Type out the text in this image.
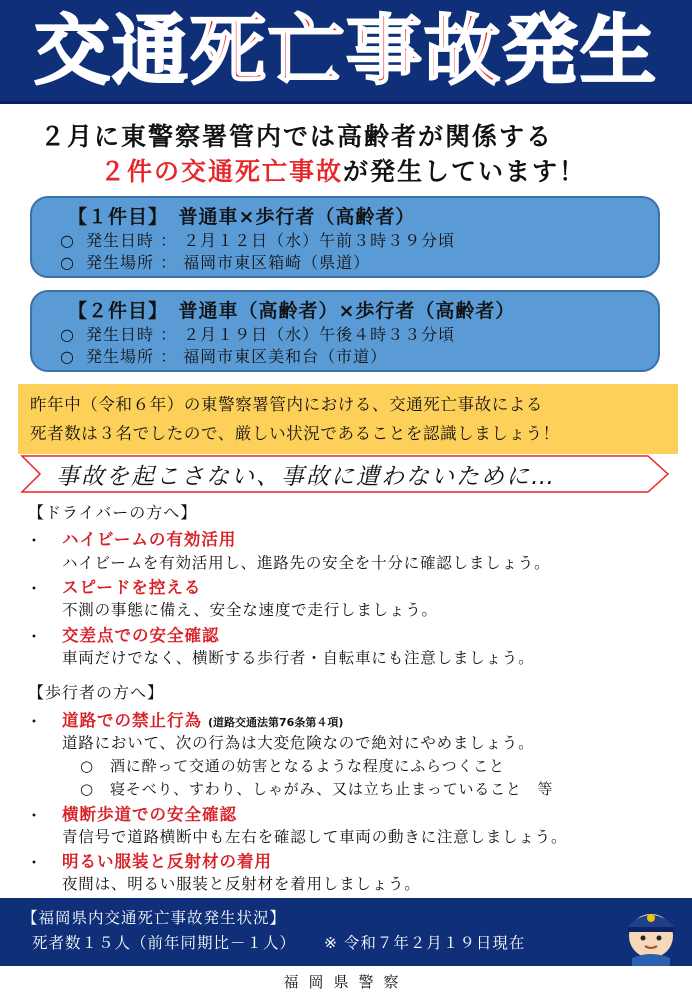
交通 死亡事故 発生
２月に東警察署管内では高齢者が関係する
２件の交通死亡事故が発生しています！
【１件目】　普通車×歩行者（高齢者）
○ 発生日時 ： ２月１２日（水）午前３時３９分頃
○ 発生場所 ： 福岡市東区箱崎（県道）
【２件目】　普通車（高齢者）×歩行者（高齢者）
○ 発生日時 ： ２月１９日（水）午後４時３３分頃
○ 発生場所 ： 福岡市東区美和台（市道）
昨年中（令和６年）の東警察署管内における、交通死亡事故による
死者数は３名でしたので、厳しい状況であることを認識しましょう！
事故を起こさない、事故に遭わないために…
【ドライバーの方へ】
・ ハイビームの有効活用
ハイビームを有効活用し、進路先の安全を十分に確認しましょう。
・ スピードを控える
不測の事態に備え、安全な速度で走行しましょう。
・ 交差点での安全確認
車両だけでなく、横断する歩行者・自転車にも注意しましょう。
【歩行者の方へ】
・ 道路での禁止行為 (道路交通法第76条第４項)
道路において、次の行為は大変危険なので絶対にやめましょう。
○ 酒に酔って交通の妨害となるような程度にふらつくこと
○ 寝そべり、すわり、しゃがみ、又は立ち止まっていること　等
・ 横断歩道での安全確認
青信号で道路横断中も左右を確認して車両の動きに注意しましょう。
・ 明るい服装と反射材の着用
夜間は、明るい服装と反射材を着用しましょう。
【福岡県内交通死亡事故発生状況】
死者数１５人（前年同期比－１人） ※ 令和７年２月１９日現在
福岡県警察
